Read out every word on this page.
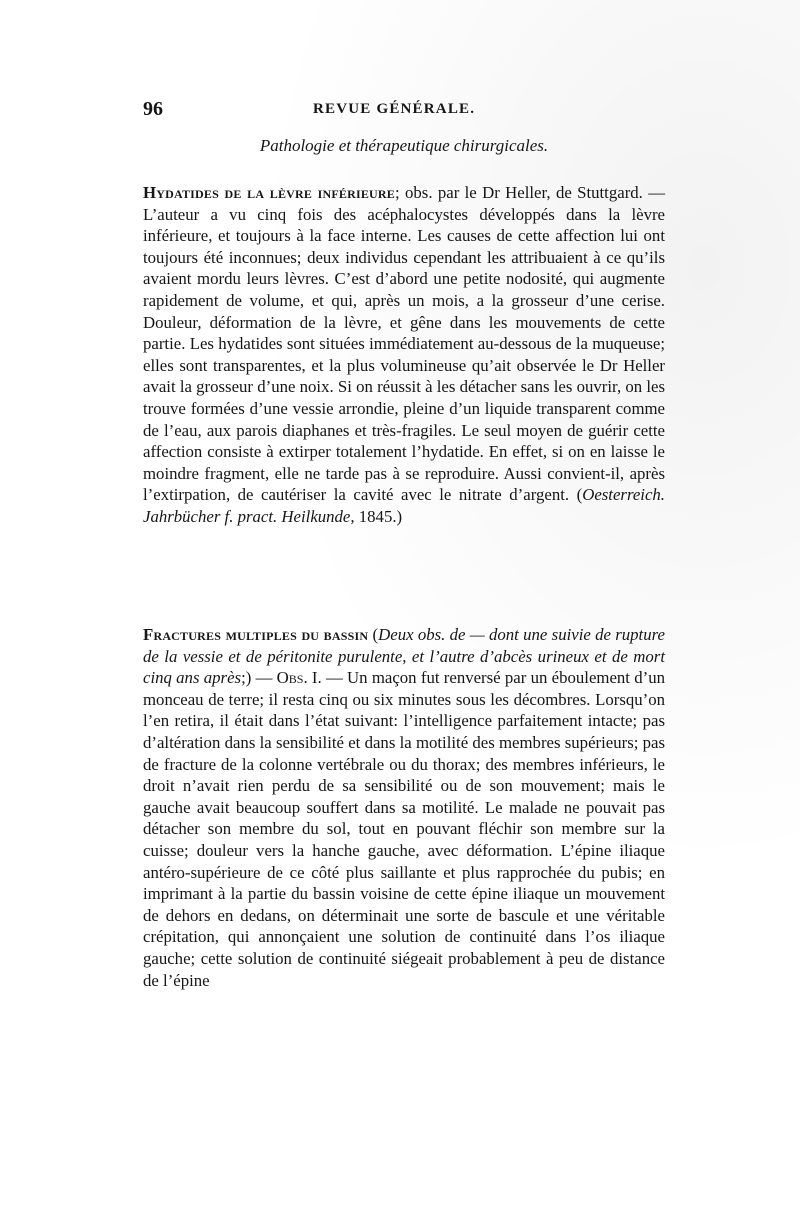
96	REVUE GÉNÉRALE.
Pathologie et thérapeutique chirurgicales.

Hydatides de la lèvre inférieure; obs. par le Dr Heller, de Stuttgard. — L’auteur a vu cinq fois des acéphalocystes développés dans la lèvre inférieure, et toujours à la face interne. Les causes de cette affection lui ont toujours été inconnues; deux individus cependant les attribuaient à ce qu’ils avaient mordu leurs lèvres. C’est d’abord une petite nodosité, qui augmente rapidement de volume, et qui, après un mois, a la grosseur d’une cerise. Douleur, déformation de la lèvre, et gêne dans les mouvements de cette partie. Les hydatides sont situées immédiatement au-dessous de la muqueuse; elles sont transparentes, et la plus volumineuse qu’ait observée le Dr Heller avait la grosseur d’une noix. Si on réussit à les détacher sans les ouvrir, on les trouve formées d’une vessie arrondie, pleine d’un liquide transparent comme de l’eau, aux parois diaphanes et très-fragiles. Le seul moyen de guérir cette affection consiste à extirper totalement l’hydatide. En effet, si on en laisse le moindre fragment, elle ne tarde pas à se reproduire. Aussi convient-il, après l’extirpation, de cautériser la cavité avec le nitrate d’argent. (Oesterreich. Jahrbücher f. pract. Heilkunde, 1845.)

Fractures multiples du bassin (Deux obs. de — dont une suivie de rupture de la vessie et de péritonite purulente, et l’autre d’abcès urineux et de mort cinq ans après;) — Obs. I. — Un maçon fut renversé par un éboulement d’un monceau de terre; il resta cinq ou six minutes sous les décombres. Lorsqu’on l’en retira, il était dans l’état suivant: l’intelligence parfaitement intacte; pas d’altération dans la sensibilité et dans la motilité des membres supérieurs; pas de fracture de la colonne vertébrale ou du thorax; des membres inférieurs, le droit n’avait rien perdu de sa sensibilité ou de son mouvement; mais le gauche avait beaucoup souffert dans sa motilité. Le malade ne pouvait pas détacher son membre du sol, tout en pouvant fléchir son membre sur la cuisse; douleur vers la hanche gauche, avec déformation. L’épine iliaque antéro-supérieure de ce côté plus saillante et plus rapprochée du pubis; en imprimant à la partie du bassin voisine de cette épine iliaque un mouvement de dehors en dedans, on déterminait une sorte de bascule et une véritable crépitation, qui annonçaient une solution de continuité dans l’os iliaque gauche; cette solution de continuité siégeait probablement à peu de distance de l’épine
